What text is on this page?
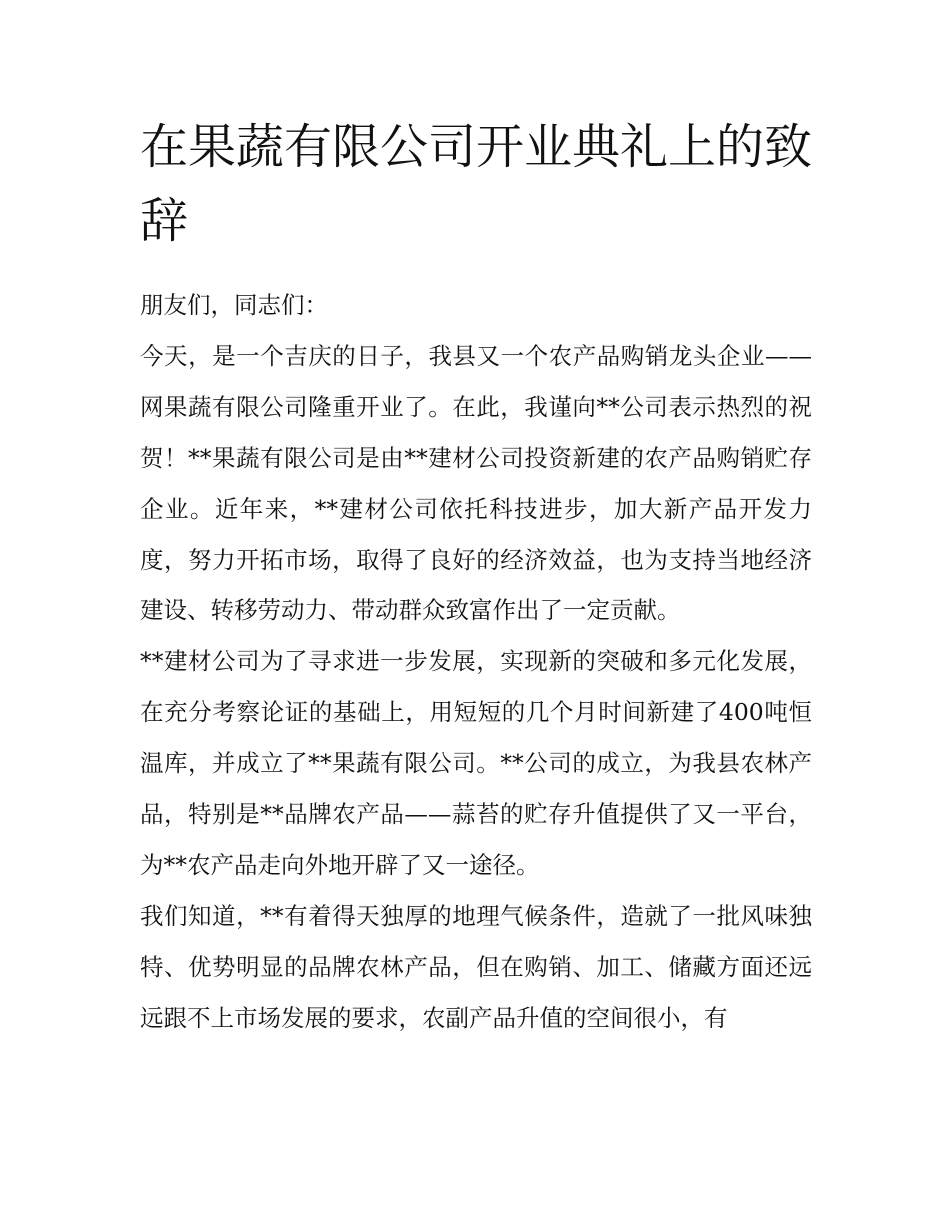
在果蔬有限公司开业典礼上的致辞

朋友们，同志们：

今天，是一个吉庆的日子，我县又一个农产品购销龙头企业——网果蔬有限公司隆重开业了。在此，我谨向**公司表示热烈的祝贺！**果蔬有限公司是由**建材公司投资新建的农产品购销贮存企业。近年来，**建材公司依托科技进步，加大新产品开发力度，努力开拓市场，取得了良好的经济效益，也为支持当地经济建设、转移劳动力、带动群众致富作出了一定贡献。

**建材公司为了寻求进一步发展，实现新的突破和多元化发展，在充分考察论证的基础上，用短短的几个月时间新建了400吨恒温库，并成立了**果蔬有限公司。**公司的成立，为我县农林产品，特别是**品牌农产品——蒜苔的贮存升值提供了又一平台，为**农产品走向外地开辟了又一途径。

我们知道，**有着得天独厚的地理气候条件，造就了一批风味独特、优势明显的品牌农林产品，但在购销、加工、储藏方面还远远跟不上市场发展的要求，农副产品升值的空间很小，有
